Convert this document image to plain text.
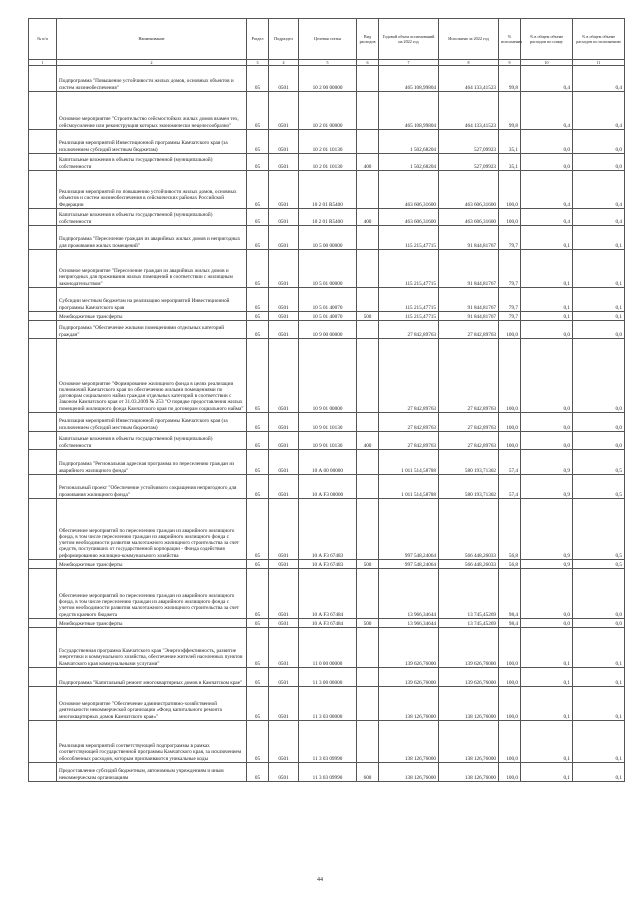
№ п/п	Наименование	Раздел	Подраздел	Целевая статья	Вид расходов	Годовой объем ассигнований на 2022 год	Исполнено за 2022 год	% исполнения	% в общем объеме расходов по плану	% в общем объеме расходов по исполнению
1	2	3	4	5	6	7	8	9	10	11
	Подпрограмма "Повышение устойчивости жилых домов, основных объектов и систем жизнеобеспечения"	05	0501	10 2 00 00000		465 108,99804	464 133,41523	99,8	0,4	0,4
	Основное мероприятие "Строительство сейсмостойких жилых домов взамен тех, сейсмоусиление или реконструкция которых экономически нецелесообразно"	05	0501	10 2 01 00000		465 108,99804	464 133,41523	99,8	0,4	0,4
	Реализация мероприятий Инвестиционной программы Камчатского края (за исключением субсидий местным бюджетам)	05	0501	10 2 01 10130		1 502,68204	527,09923	35,1	0,0	0,0
	Капитальные вложения в объекты государственной (муниципальной) собственности	05	0501	10 2 01 10130	400	1 502,68204	527,09923	35,1	0,0	0,0
	Реализация мероприятий по повышению устойчивости жилых домов, основных объектов и систем жизнеобеспечения в сейсмических районах Российской Федерации	05	0501	10 2 01 R5400		463 606,31600	463 606,31600	100,0	0,4	0,4
	Капитальные вложения в объекты государственной (муниципальной) собственности	05	0501	10 2 01 R5400	400	463 606,31600	463 606,31600	100,0	0,4	0,4
	Подпрограмма "Переселение граждан из аварийных жилых домов и непригодных для проживания жилых помещений"	05	0501	10 5 00 00000		115 215,47715	91 844,81767	79,7	0,1	0,1
	Основное мероприятие "Переселение граждан из аварийных жилых домов и непригодных для проживания жилых помещений в соответствии с жилищным законодательством"	05	0501	10 5 01 00000		115 215,47715	91 844,81767	79,7	0,1	0,1
	Субсидии местным бюджетам на реализацию мероприятий Инвестиционной программы Камчатского края	05	0501	10 5 01 40070		115 215,47715	91 844,81767	79,7	0,1	0,1
	Межбюджетные трансферты	05	0501	10 5 01 40070	500	115 215,47715	91 844,81767	79,7	0,1	0,1
	Подпрограмма "Обеспечение жилыми помещениями отдельных категорий граждан"	05	0501	10 9 00 00000		27 842,89763	27 842,89763	100,0	0,0	0,0
	Основное мероприятие "Формирование жилищного фонда в целях реализации полномочий Камчатского края по обеспечению жилыми помещениями по договорам социального найма граждан отдельных категорий в соответствии с Законом Камчатского края от 31.03.2009 № 253 "О порядке предоставления жилых помещений жилищного фонда Камчатского края по договорам социального найма"	05	0501	10 9 01 00000		27 842,89763	27 842,89763	100,0	0,0	0,0
	Реализация мероприятий Инвестиционной программы Камчатского края (за исключением субсидий местным бюджетам)	05	0501	10 9 01 10130		27 842,89763	27 842,89763	100,0	0,0	0,0
	Капитальные вложения в объекты государственной (муниципальной) собственности	05	0501	10 9 01 10130	400	27 842,89763	27 842,89763	100,0	0,0	0,0
	Подпрограмма "Региональная адресная программа по переселению граждан из аварийного жилищного фонда"	05	0501	10 А 00 00000		1 011 514,58708	580 193,71302	57,4	0,9	0,5
	Региональный проект "Обеспечение устойчивого сокращения непригодного для проживания жилищного фонда"	05	0501	10 А F3 00000		1 011 514,58708	580 193,71302	57,4	0,9	0,5
	Обеспечение мероприятий по переселению граждан из аварийного жилищного фонда, в том числе переселению граждан из аварийного жилищного фонда с учетом необходимости развития малоэтажного жилищного строительства за счет средств, поступивших от государственной корпорации - Фонда содействия реформированию жилищно-коммунального хозяйства	05	0501	10 А F3 67483		997 548,24064	566 448,26033	56,8	0,9	0,5
	Межбюджетные трансферты	05	0501	10 А F3 67483	500	997 548,24064	566 448,26033	56,8	0,9	0,5
	Обеспечение мероприятий по переселению граждан из аварийного жилищного фонда, в том числе переселению граждан из аварийного жилищного фонда с учетом необходимости развития малоэтажного жилищного строительства за счет средств краевого бюджета	05	0501	10 А F3 67484		13 966,34644	13 745,45269	98,4	0,0	0,0
	Межбюджетные трансферты	05	0501	10 А F3 67484	500	13 966,34644	13 745,45269	98,4	0,0	0,0
	Государственная программа Камчатского края "Энергоэффективность, развитие энергетики и коммунального хозяйства, обеспечение жителей населенных пунктов Камчатского края коммунальными услугами"	05	0501	11 0 00 00000		139 626,76000	139 626,76000	100,0	0,1	0,1
	Подпрограмма "Капитальный ремонт многоквартирных домов в Камчатском крае"	05	0501	11 3 00 00000		139 626,76000	139 626,76000	100,0	0,1	0,1
	Основное мероприятие "Обеспечение административно-хозяйственной деятельности некоммерческой организации «Фонд капитального ремонта многоквартирных домов Камчатского края»"	05	0501	11 3 03 00000		138 126,76000	138 126,76000	100,0	0,1	0,1
	Реализация мероприятий соответствующей подпрограммы в рамках соответствующей государственной программы Камчатского края, за исключением обособленных расходов, которым присваиваются уникальные коды	05	0501	11 3 03 09990		138 126,76000	138 126,76000	100,0	0,1	0,1
	Предоставление субсидий бюджетным, автономным учреждениям и иным некоммерческим организациям	05	0501	11 3 03 09990	600	138 126,76000	138 126,76000	100,0	0,1	0,1
44
